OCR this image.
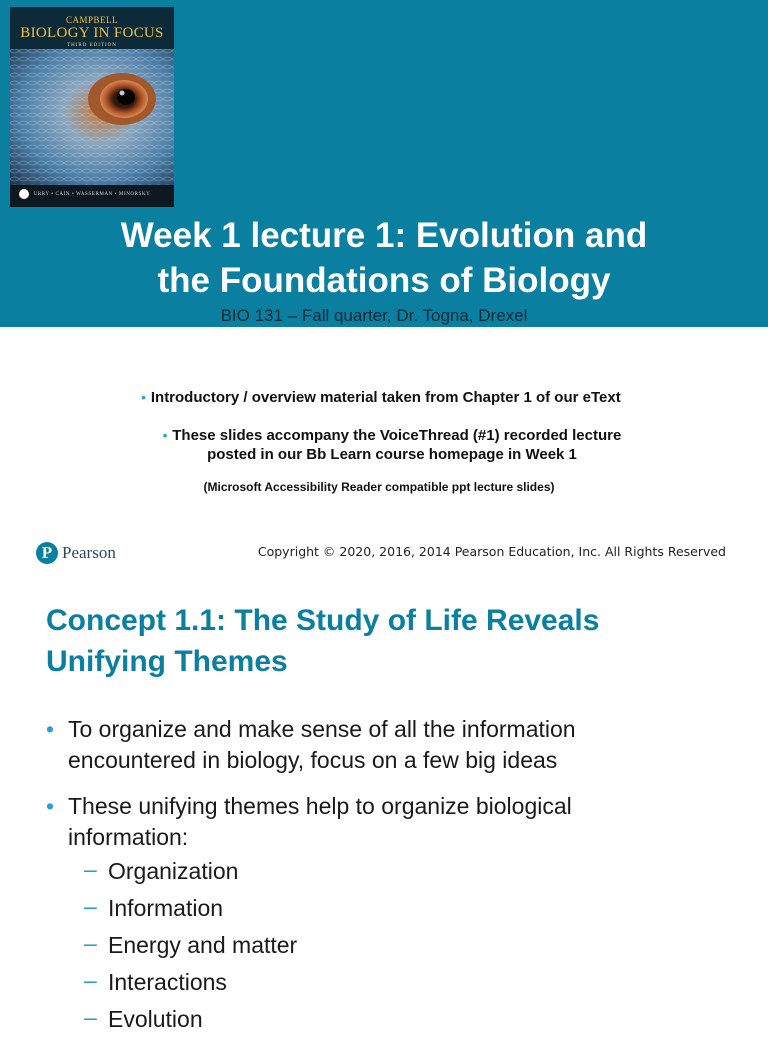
CAMPBELL
BIOLOGY IN FOCUS
THIRD EDITION
URRY • CAIN • WASSERMAN • MINORSKY
Week 1 lecture 1: Evolution and
the Foundations of Biology
BIO 131 – Fall quarter, Dr. Togna, Drexel
• Introductory / overview material taken from Chapter 1 of our eText
• These slides accompany the VoiceThread (#1) recorded lecture
posted in our Bb Learn course homepage in Week 1
(Microsoft Accessibility Reader compatible ppt lecture slides)
P Pearson	Copyright © 2020, 2016, 2014 Pearson Education, Inc. All Rights Reserved
Concept 1.1: The Study of Life Reveals
Unifying Themes
• To organize and make sense of all the information
encountered in biology, focus on a few big ideas
• These unifying themes help to organize biological
information:
– Organization
– Information
– Energy and matter
– Interactions
– Evolution
